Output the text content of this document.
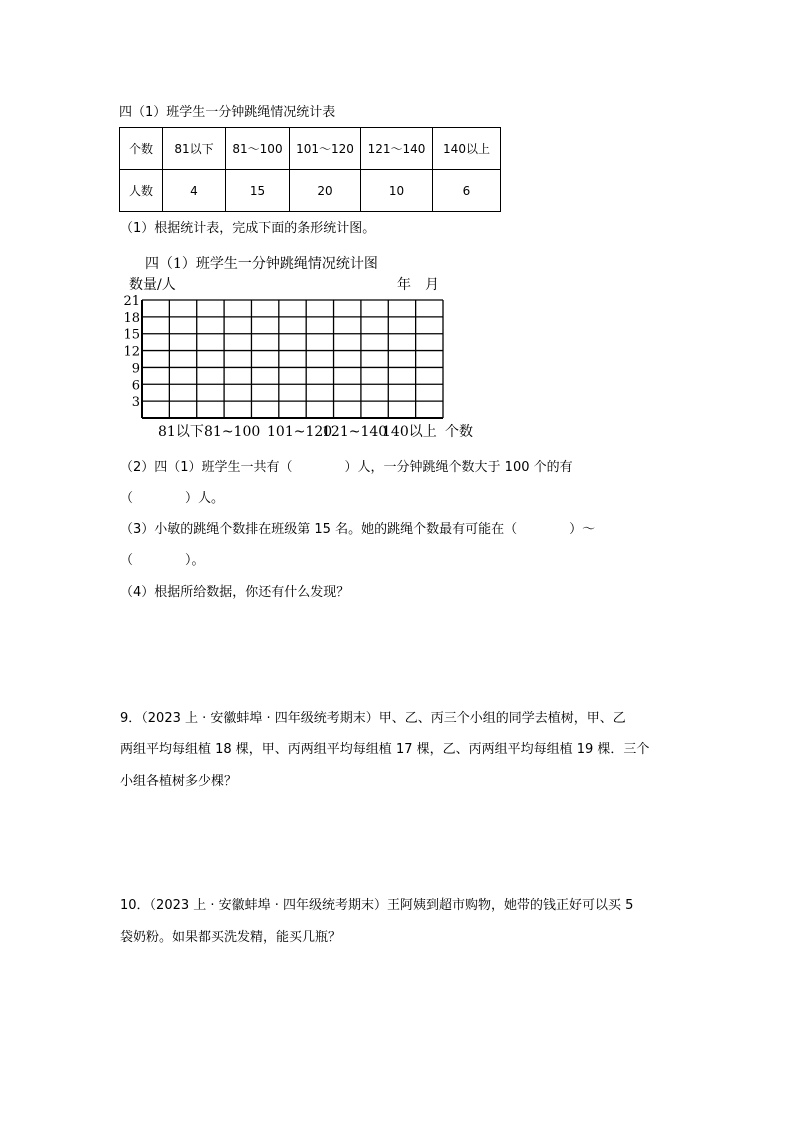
四（1）班学生一分钟跳绳情况统计表
个数	81以下	81～100	101～120	121～140	140以上
人数	4	15	20	10	6
（1）根据统计表，完成下面的条形统计图。
四（1）班学生一分钟跳绳情况统计图
数量/人	年　月
21
18
15
12
9
6
3
81以下 81~100 101~120
121~140
140以上 个数
（2）四（1）班学生一共有（　　　　）人，一分钟跳绳个数大于 100 个的有
（　　　　）人。
（3）小敏的跳绳个数排在班级第 15 名。她的跳绳个数最有可能在（　　　　）～
（　　　　）。
（4）根据所给数据，你还有什么发现？
9．（2023 上 · 安徽蚌埠 · 四年级统考期末）甲、乙、丙三个小组的同学去植树，甲、乙
两组平均每组植 18 棵，甲、丙两组平均每组植 17 棵，乙、丙两组平均每组植 19 棵．三个
小组各植树多少棵？
10．（2023 上 · 安徽蚌埠 · 四年级统考期末）王阿姨到超市购物，她带的钱正好可以买 5
袋奶粉。如果都买洗发精，能买几瓶？
